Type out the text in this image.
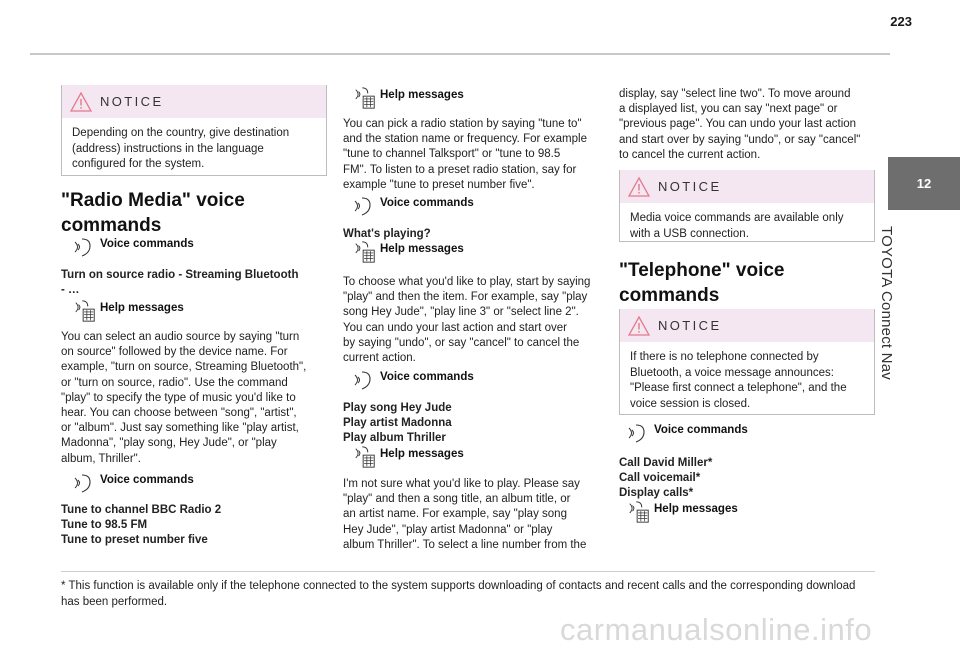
223
12
TOYOTA Connect Nav
NOTICE
Depending on the country, give destination (address) instructions in the language configured for the system.
"Radio Media" voice
commands
Voice commands
Turn on source radio - Streaming Bluetooth
- …
Help messages
You can select an audio source by saying "turn
on source" followed by the device name. For
example, "turn on source, Streaming Bluetooth",
or "turn on source, radio". Use the command
"play" to specify the type of music you'd like to
hear. You can choose between "song", "artist",
or "album". Just say something like "play artist,
Madonna", "play song, Hey Jude", or "play
album, Thriller".
Voice commands
Tune to channel BBC Radio 2
Tune to 98.5 FM
Tune to preset number five
Help messages
You can pick a radio station by saying "tune to"
and the station name or frequency. For example
"tune to channel Talksport" or "tune to 98.5
FM". To listen to a preset radio station, say for
example "tune to preset number five".
Voice commands
What's playing?
Help messages
To choose what you'd like to play, start by saying
"play" and then the item. For example, say "play
song Hey Jude", "play line 3" or "select line 2".
You can undo your last action and start over
by saying "undo", or say "cancel" to cancel the
current action.
Voice commands
Play song Hey Jude
Play artist Madonna
Play album Thriller
Help messages
I'm not sure what you'd like to play. Please say
"play" and then a song title, an album title, or
an artist name. For example, say "play song
Hey Jude", "play artist Madonna" or "play
album Thriller". To select a line number from the
display, say "select line two". To move around
a displayed list, you can say "next page" or
"previous page". You can undo your last action
and start over by saying "undo", or say "cancel"
to cancel the current action.
NOTICE
Media voice commands are available only with a USB connection.
"Telephone" voice
commands
NOTICE
If there is no telephone connected by Bluetooth, a voice message announces: "Please first connect a telephone", and the voice session is closed.
Voice commands
Call David Miller*
Call voicemail*
Display calls*
Help messages
* This function is available only if the telephone connected to the system supports downloading of contacts and recent calls and the corresponding download has been performed.
carmanualsonline.info
